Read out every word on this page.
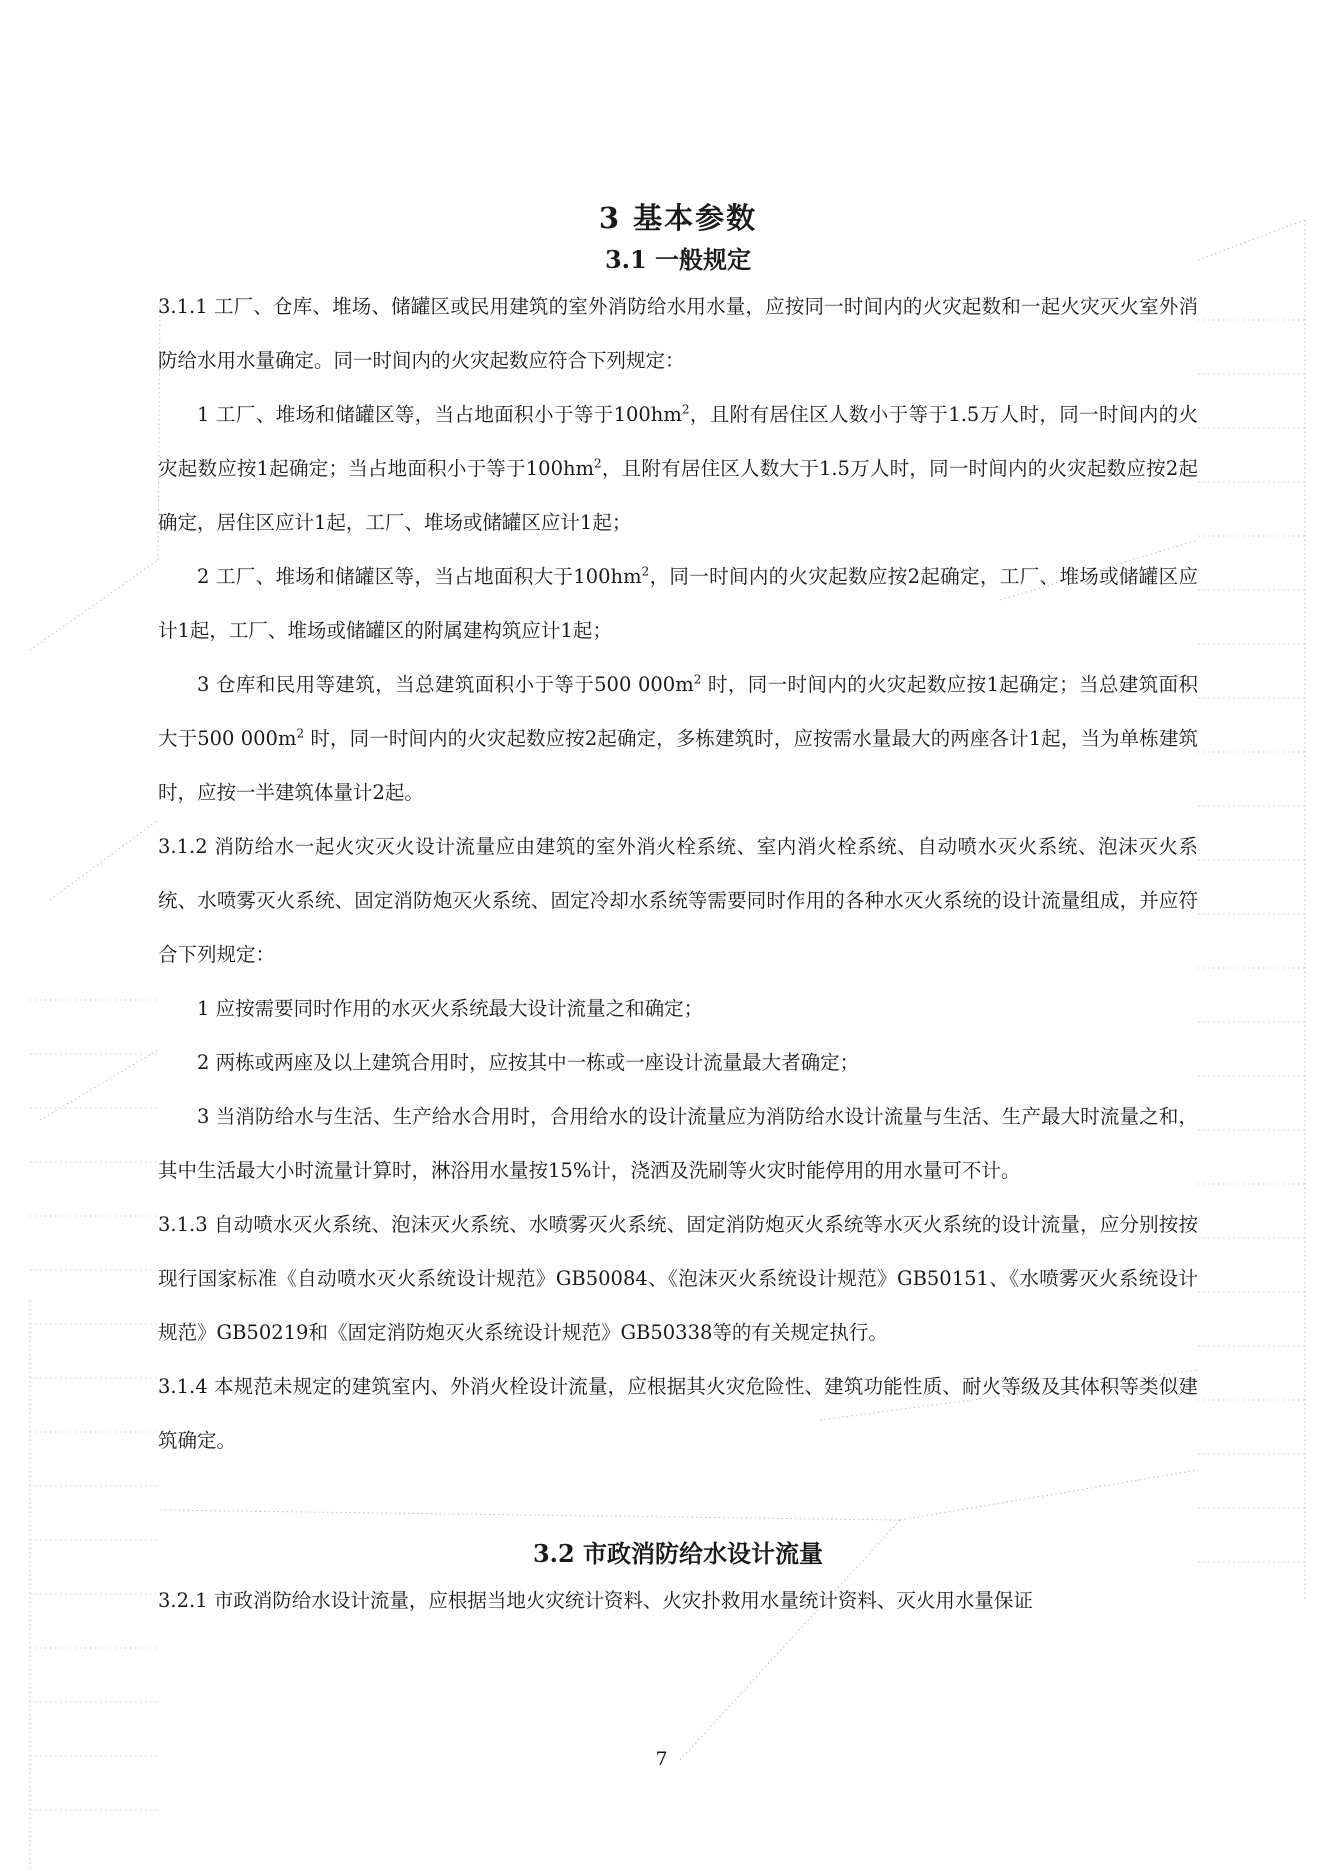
3 基本参数
3.1 一般规定

3.1.1 工厂、仓库、堆场、储罐区或民用建筑的室外消防给水用水量，应按同一时间内的火灾起数和一起火灾灭火室外消防给水用水量确定。同一时间内的火灾起数应符合下列规定：

1 工厂、堆场和储罐区等，当占地面积小于等于$100hm^2$，且附有居住区人数小于等于1.5万人时，同一时间内的火灾起数应按1起确定；当占地面积小于等于$100hm^2$，且附有居住区人数大于1.5万人时，同一时间内的火灾起数应按2起确定，居住区应计1起，工厂、堆场或储罐区应计1起；

2 工厂、堆场和储罐区等，当占地面积大于$100hm^2$，同一时间内的火灾起数应按2起确定，工厂、堆场或储罐区应计1起，工厂、堆场或储罐区的附属建构筑应计1起；

3 仓库和民用等建筑，当总建筑面积小于等于500 $000m^2$ 时，同一时间内的火灾起数应按1起确定；当总建筑面积大于500 $000m^2$ 时，同一时间内的火灾起数应按2起确定，多栋建筑时，应按需水量最大的两座各计1起，当为单栋建筑时，应按一半建筑体量计2起。

3.1.2 消防给水一起火灾灭火设计流量应由建筑的室外消火栓系统、室内消火栓系统、自动喷水灭火系统、泡沫灭火系统、水喷雾灭火系统、固定消防炮灭火系统、固定冷却水系统等需要同时作用的各种水灭火系统的设计流量组成，并应符合下列规定：

1 应按需要同时作用的水灭火系统最大设计流量之和确定；

2 两栋或两座及以上建筑合用时，应按其中一栋或一座设计流量最大者确定；

3 当消防给水与生活、生产给水合用时，合用给水的设计流量应为消防给水设计流量与生活、生产最大时流量之和，其中生活最大小时流量计算时，淋浴用水量按15%计，浇洒及洗刷等火灾时能停用的用水量可不计。

3.1.3 自动喷水灭火系统、泡沫灭火系统、水喷雾灭火系统、固定消防炮灭火系统等水灭火系统的设计流量，应分别按按现行国家标准《自动喷水灭火系统设计规范》GB50084、《泡沫灭火系统设计规范》GB50151、《水喷雾灭火系统设计规范》GB50219和《固定消防炮灭火系统设计规范》GB50338等的有关规定执行。

3.1.4 本规范未规定的建筑室内、外消火栓设计流量，应根据其火灾危险性、建筑功能性质、耐火等级及其体积等类似建筑确定。

3.2 市政消防给水设计流量

3.2.1 市政消防给水设计流量，应根据当地火灾统计资料、火灾扑救用水量统计资料、灭火用水量保证

7
